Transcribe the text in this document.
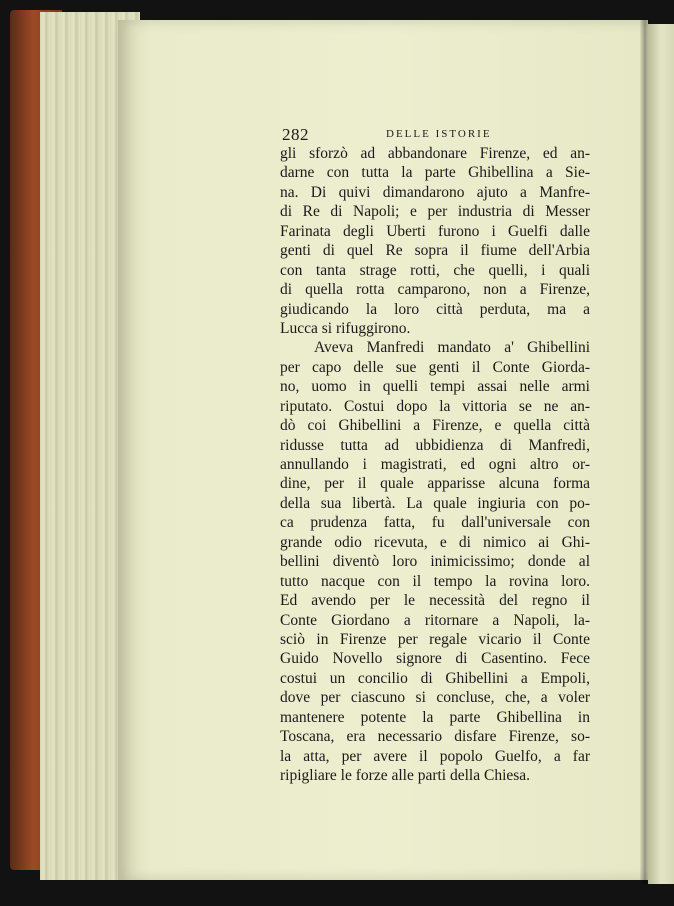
282	DELLE ISTORIE
gli sforzò ad abbandonare Firenze, ed an-
darne con tutta la parte Ghibellina a Sie-
na. Di quivi dimandarono ajuto a Manfre-
di Re di Napoli; e per industria di Messer
Farinata degli Uberti furono i Guelfi dalle
genti di quel Re sopra il fiume dell'Arbia
con tanta strage rotti, che quelli, i quali
di quella rotta camparono, non a Firenze,
giudicando la loro città perduta, ma a
Lucca si rifuggirono.
Aveva Manfredi mandato a' Ghibellini
per capo delle sue genti il Conte Giorda-
no, uomo in quelli tempi assai nelle armi
riputato. Costui dopo la vittoria se ne an-
dò coi Ghibellini a Firenze, e quella città
ridusse tutta ad ubbidienza di Manfredi,
annullando i magistrati, ed ogni altro or-
dine, per il quale apparisse alcuna forma
della sua libertà. La quale ingiuria con po-
ca prudenza fatta, fu dall'universale con
grande odio ricevuta, e di nimico ai Ghi-
bellini diventò loro inimicissimo; donde al
tutto nacque con il tempo la rovina loro.
Ed avendo per le necessità del regno il
Conte Giordano a ritornare a Napoli, la-
sciò in Firenze per regale vicario il Conte
Guido Novello signore di Casentino. Fece
costui un concilio di Ghibellini a Empoli,
dove per ciascuno si concluse, che, a voler
mantenere potente la parte Ghibellina in
Toscana, era necessario disfare Firenze, so-
la atta, per avere il popolo Guelfo, a far
ripigliare le forze alle parti della Chiesa.
